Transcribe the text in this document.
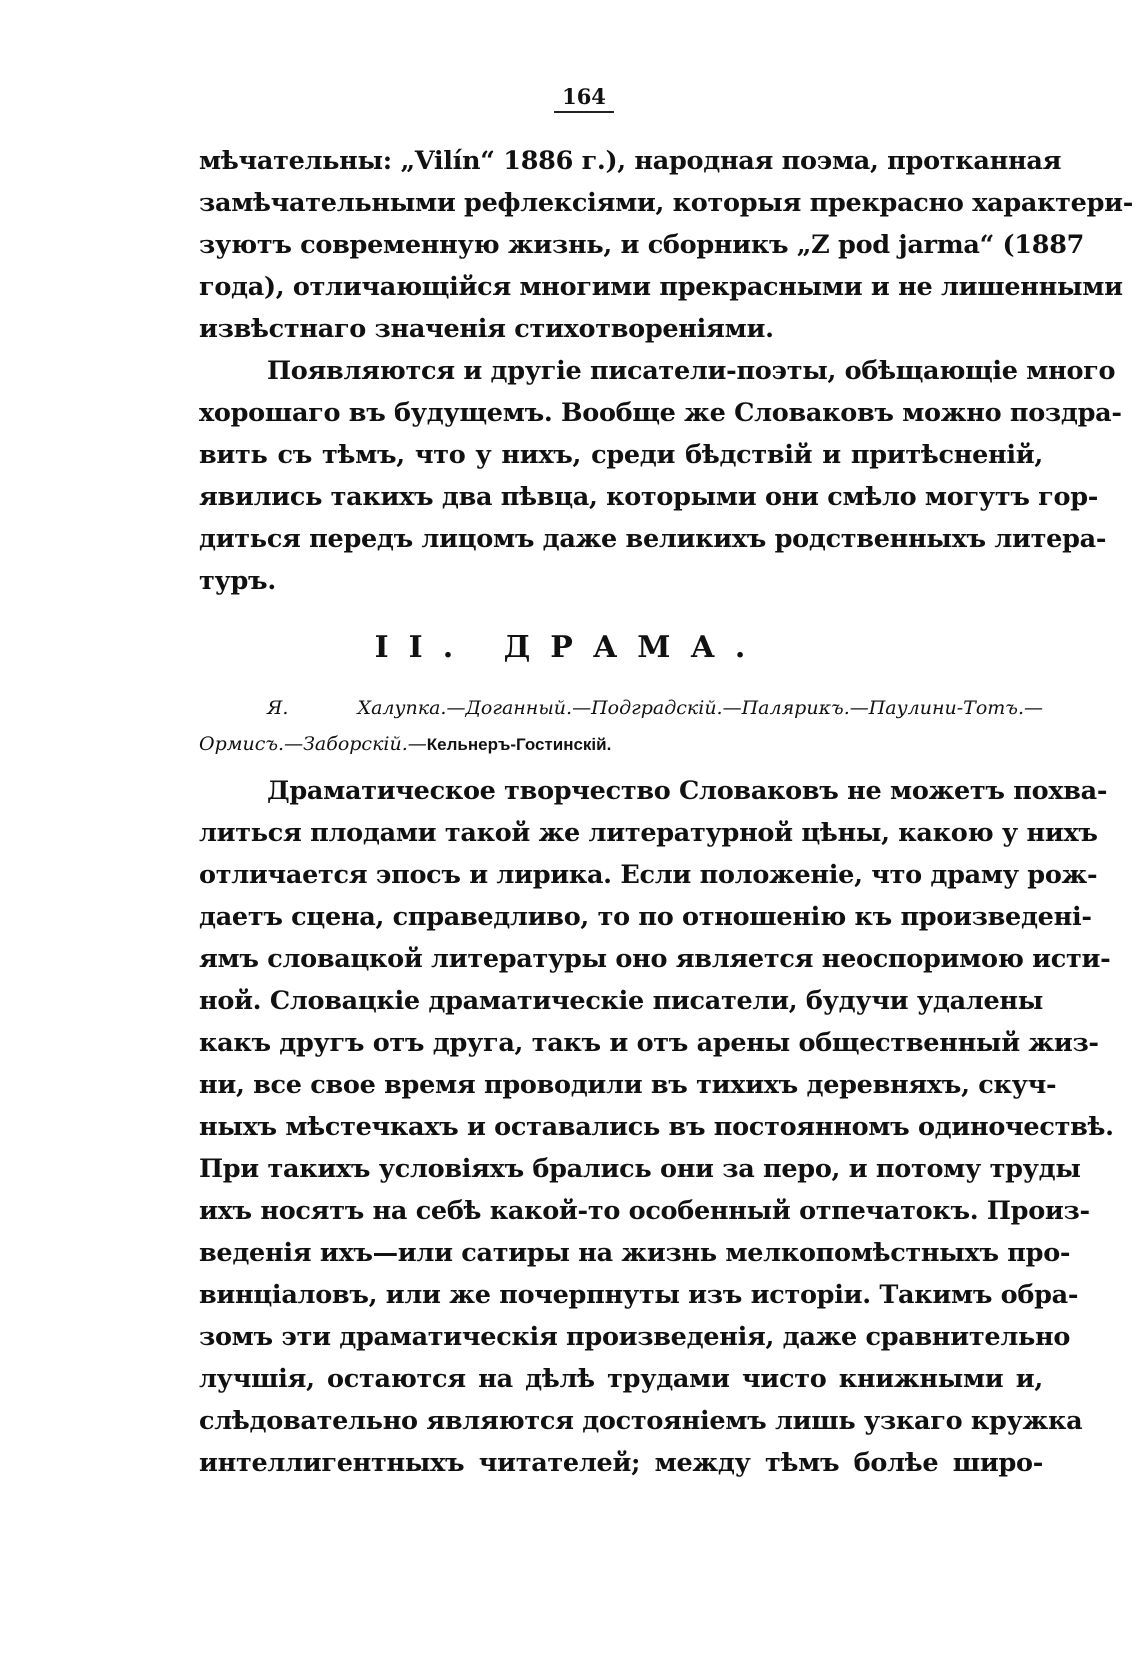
164
мѣчательны: „Vilín“ 1886 г.), народная поэма, протканная
замѣчательными рефлексіями, которыя прекрасно характери-
зуютъ современную жизнь, и сборникъ „Z pod jarma“ (1887
года), отличающійся многими прекрасными и не лишенными
извѣстнаго значенія стихотвореніями.
Появляются и другіе писатели-поэты, обѣщающіе много
хорошаго въ будущемъ. Вообще же Словаковъ можно поздра-
вить съ тѣмъ, что у нихъ, среди бѣдствій и притѣсненій,
явились такихъ два пѣвца, которыми они смѣло могутъ гор-
диться передъ лицомъ даже великихъ родственныхъ литера-
туръ.
II. ДРАМА.
Я. Халупка.—Доганный.—Подградскій.—Паляриκъ.—Паулини-Тотъ.—
Ормисъ.—Заборскій.—Кельнеръ-Гостинскій.
Драматическое творчество Словаковъ не можетъ похва-
литься плодами такой же литературной цѣны, какою у нихъ
отличается эпосъ и лирика. Если положеніе, что драму рож-
даетъ сцена, справедливо, то по отношенію къ произведені-
ямъ словацкой литературы оно является неоспоримою исти-
ной. Словацкіе драматическіе писатели, будучи удалены
какъ другъ отъ друга, такъ и отъ арены общественный жиз-
ни, все свое время проводили въ тихихъ деревняхъ, скуч-
ныхъ мѣстечкахъ и оставались въ постоянномъ одиночествѣ.
При такихъ условіяхъ брались они за перо, и потому труды
ихъ носятъ на себѣ какой-то особенный отпечатокъ. Произ-
веденія ихъ—или сатиры на жизнь мелкопомѣстныхъ про-
винціаловъ, или же почерпнуты изъ исторіи. Такимъ обра-
зомъ эти драматическія произведенія, даже сравнительно
лучшія, остаются на дѣлѣ трудами чисто книжными и,
слѣдовательно являются достояніемъ лишь узкаго кружка
интеллигентныхъ читателей; между тѣмъ болѣе широ-
